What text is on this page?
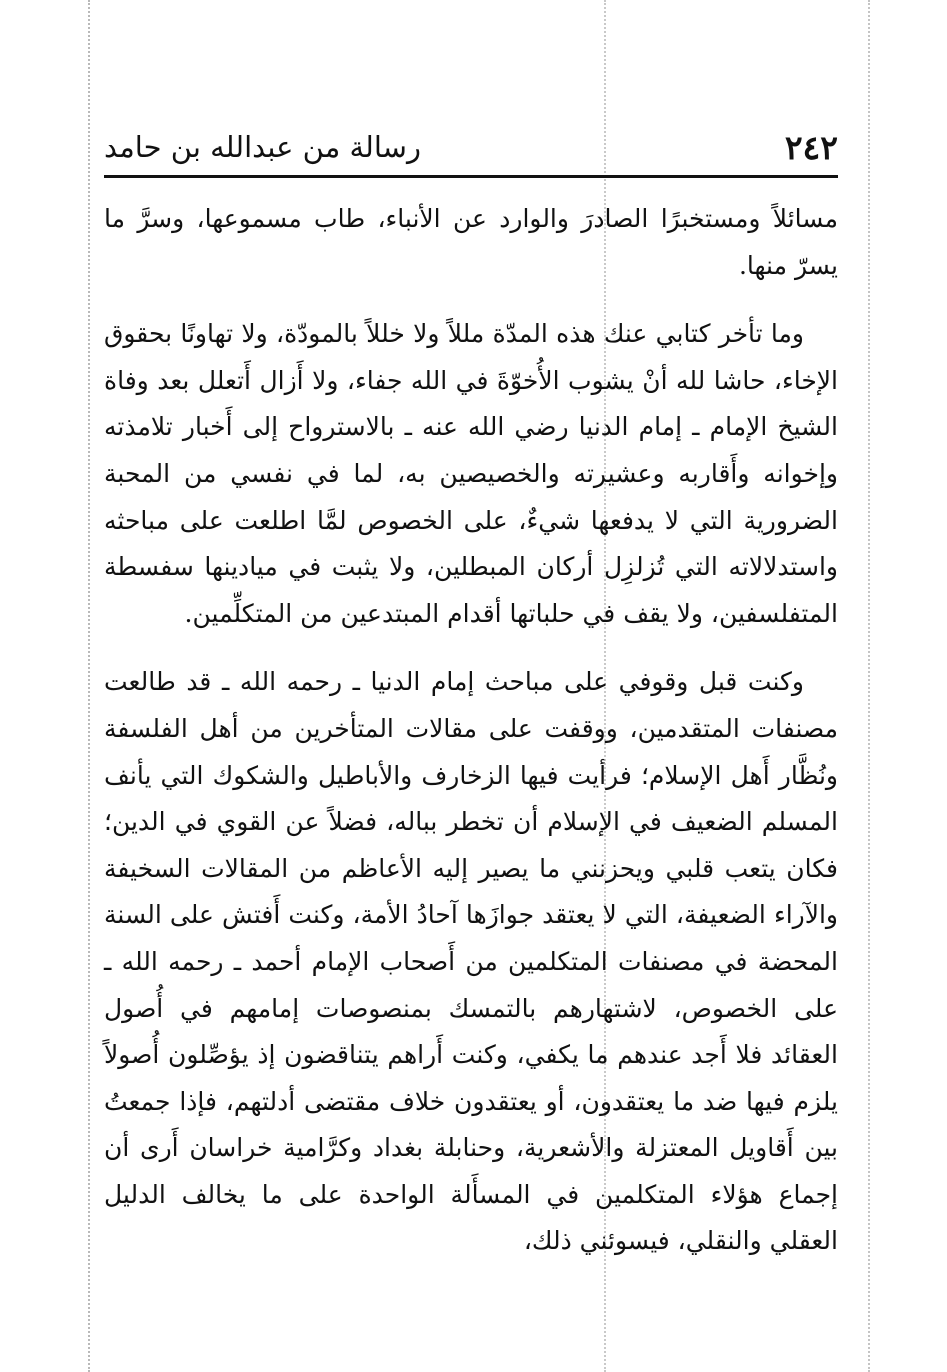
٢٤٢
رسالة من عبدالله بن حامد

مسائلاً ومستخبرًا الصادرَ والوارد عن الأنباء، طاب مسموعها، وسرَّ ما يسرّ منها.

وما تأخر كتابي عنك هذه المدّة مللاً ولا خللاً بالمودّة، ولا تهاونًا بحقوق الإخاء، حاشا لله أنْ يشوب الأُخوّةَ في الله جفاء، ولا أَزال أَتعلل بعد وفاة الشيخ الإمام ـ إمام الدنيا رضي الله عنه ـ بالاسترواح إلى أَخبار تلامذته وإخوانه وأَقاربه وعشيرته والخصيصين به، لما في نفسي من المحبة الضرورية التي لا يدفعها شيءٌ، على الخصوص لمَّا اطلعت على مباحثه واستدلالاته التي تُزلزِل أركان المبطلين، ولا يثبت في ميادينها سفسطة المتفلسفين، ولا يقف في حلباتها أقدام المبتدعين من المتكلِّمين.

وكنت قبل وقوفي على مباحث إمام الدنيا ـ رحمه الله ـ قد طالعت مصنفات المتقدمين، ووقفت على مقالات المتأخرين من أهل الفلسفة ونُظَّار أَهل الإسلام؛ فرأيت فيها الزخارف والأباطيل والشكوك التي يأنف المسلم الضعيف في الإسلام أن تخطر بباله، فضلاً عن القوي في الدين؛ فكان يتعب قلبي ويحزنني ما يصير إليه الأعاظم من المقالات السخيفة والآراء الضعيفة، التي لا يعتقد جوازَها آحادُ الأمة، وكنت أَفتش على السنة المحضة في مصنفات المتكلمين من أَصحاب الإمام أحمد ـ رحمه الله ـ على الخصوص، لاشتهارهم بالتمسك بمنصوصات إمامهم في أُصول العقائد فلا أَجد عندهم ما يكفي، وكنت أَراهم يتناقضون إذ يؤصِّلون أُصولاً يلزم فيها ضد ما يعتقدون، أو يعتقدون خلاف مقتضى أدلتهم، فإذا جمعتُ بين أَقاويل المعتزلة والأشعرية، وحنابلة بغداد وكرَّامية خراسان أَرى أن إجماع هؤلاء المتكلمين في المسأَلة الواحدة على ما يخالف الدليل العقلي والنقلي، فيسوئني ذلك،
